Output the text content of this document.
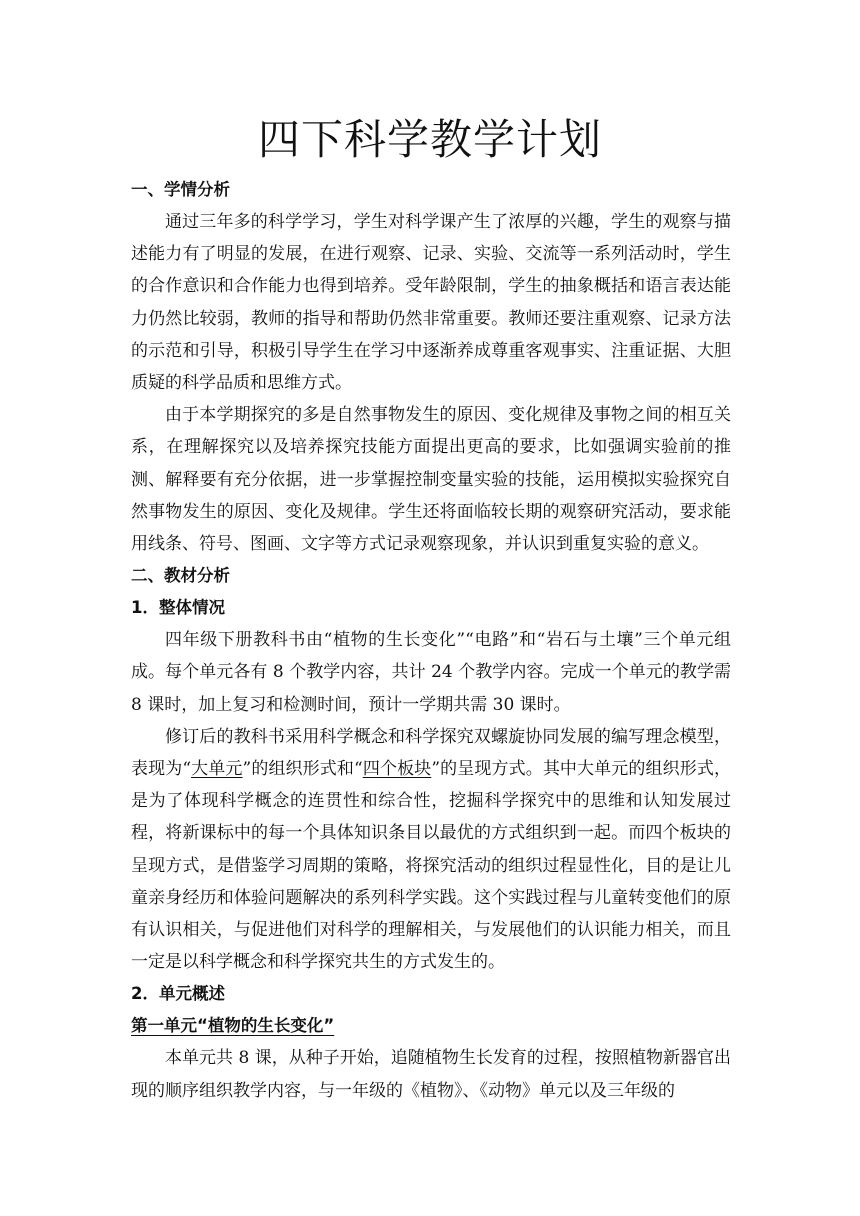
四下科学教学计划
一、学情分析

通过三年多的科学学习，学生对科学课产生了浓厚的兴趣，学生的观察与描述能力有了明显的发展，在进行观察、记录、实验、交流等一系列活动时，学生的合作意识和合作能力也得到培养。受年龄限制，学生的抽象概括和语言表达能力仍然比较弱，教师的指导和帮助仍然非常重要。教师还要注重观察、记录方法的示范和引导，积极引导学生在学习中逐渐养成尊重客观事实、注重证据、大胆质疑的科学品质和思维方式。

由于本学期探究的多是自然事物发生的原因、变化规律及事物之间的相互关系，在理解探究以及培养探究技能方面提出更高的要求，比如强调实验前的推测、解释要有充分依据，进一步掌握控制变量实验的技能，运用模拟实验探究自然事物发生的原因、变化及规律。学生还将面临较长期的观察研究活动，要求能用线条、符号、图画、文字等方式记录观察现象，并认识到重复实验的意义。

二、教材分析
1．整体情况

四年级下册教科书由“植物的生长变化”“电路”和“岩石与土壤”三个单元组成。每个单元各有 8 个教学内容，共计 24 个教学内容。完成一个单元的教学需 8 课时，加上复习和检测时间，预计一学期共需 30 课时。

修订后的教科书采用科学概念和科学探究双螺旋协同发展的编写理念模型，表现为“大单元”的组织形式和“四个板块”的呈现方式。其中大单元的组织形式，是为了体现科学概念的连贯性和综合性，挖掘科学探究中的思维和认知发展过程，将新课标中的每一个具体知识条目以最优的方式组织到一起。而四个板块的呈现方式，是借鉴学习周期的策略，将探究活动的组织过程显性化，目的是让儿童亲身经历和体验问题解决的系列科学实践。这个实践过程与儿童转变他们的原有认识相关，与促进他们对科学的理解相关，与发展他们的认识能力相关，而且一定是以科学概念和科学探究共生的方式发生的。

2．单元概述
第一单元“植物的生长变化”

本单元共 8 课，从种子开始，追随植物生长发育的过程，按照植物新器官出现的顺序组织教学内容，与一年级的《植物》、《动物》单元以及三年级的
